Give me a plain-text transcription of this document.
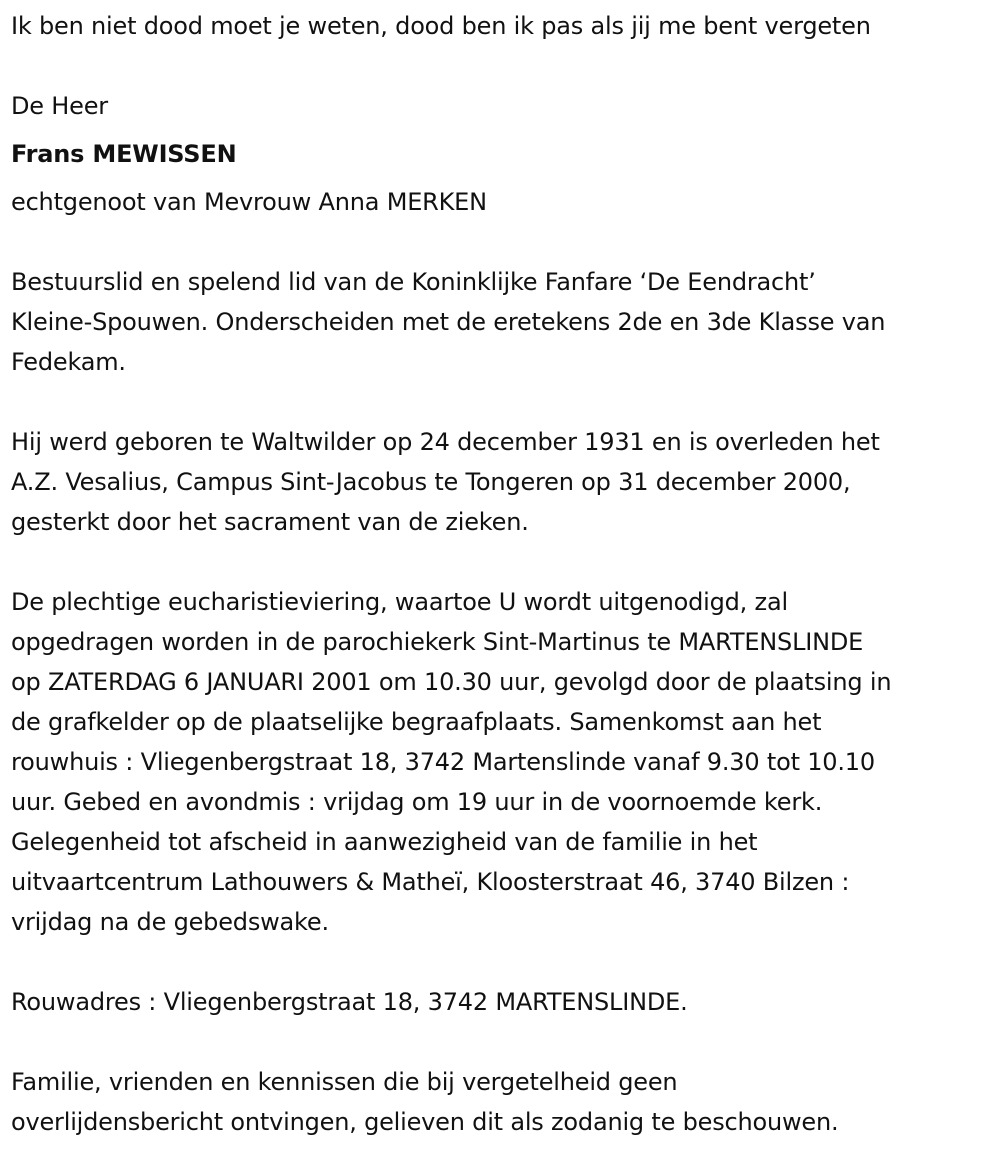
Ik ben niet dood moet je weten, dood ben ik pas als jij me bent vergeten
De Heer
Frans MEWISSEN
echtgenoot van Mevrouw Anna MERKEN
Bestuurslid en spelend lid van de Koninklijke Fanfare ‘De Eendracht’
Kleine-Spouwen. Onderscheiden met de eretekens 2de en 3de Klasse van
Fedekam.
Hij werd geboren te Waltwilder op 24 december 1931 en is overleden het
A.Z. Vesalius, Campus Sint-Jacobus te Tongeren op 31 december 2000,
gesterkt door het sacrament van de zieken.
De plechtige eucharistieviering, waartoe U wordt uitgenodigd, zal
opgedragen worden in de parochiekerk Sint-Martinus te MARTENSLINDE
op ZATERDAG 6 JANUARI 2001 om 10.30 uur, gevolgd door de plaatsing in
de grafkelder op de plaatselijke begraafplaats. Samenkomst aan het
rouwhuis : Vliegenbergstraat 18, 3742 Martenslinde vanaf 9.30 tot 10.10
uur. Gebed en avondmis : vrijdag om 19 uur in de voornoemde kerk.
Gelegenheid tot afscheid in aanwezigheid van de familie in het
uitvaartcentrum Lathouwers & Matheï, Kloosterstraat 46, 3740 Bilzen :
vrijdag na de gebedswake.
Rouwadres : Vliegenbergstraat 18, 3742 MARTENSLINDE.
Familie, vrienden en kennissen die bij vergetelheid geen
overlijdensbericht ontvingen, gelieven dit als zodanig te beschouwen.
